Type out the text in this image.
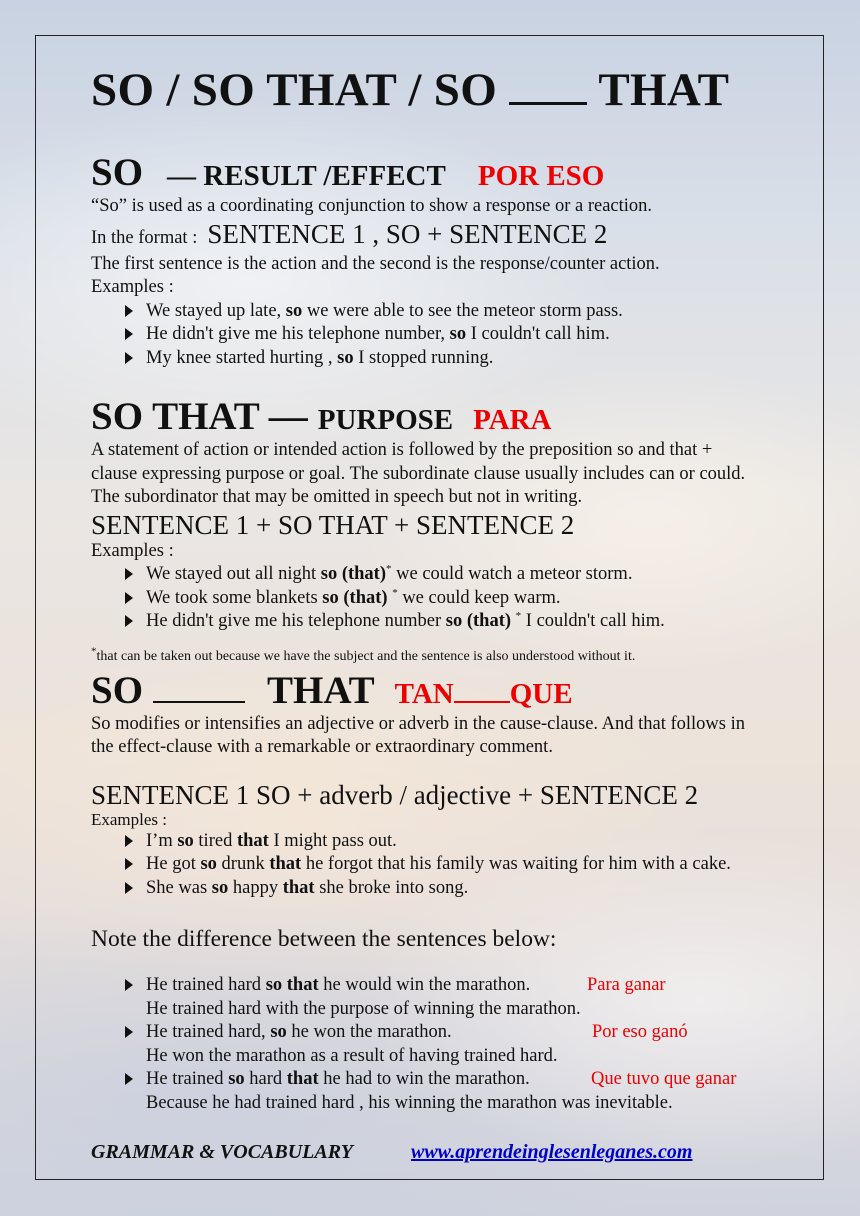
SO / SO THAT / SO  THAT
SO — RESULT /EFFECT POR ESO

“So” is used as a coordinating conjunction to show a response or a reaction.

In the format : SENTENCE 1 , SO + SENTENCE 2

The first sentence is the action and the second is the response/counter action.

Examples :

We stayed up late, so we were able to see the meteor storm pass.
He didn't give me his telephone number, so I couldn't call him.
My knee started hurting , so I stopped running.
SO THAT — PURPOSE PARA

A statement of action or intended action is followed by the preposition so and that +

clause expressing purpose or goal. The subordinate clause usually includes can or could.

The subordinator that may be omitted in speech but not in writing.

SENTENCE 1 + SO THAT + SENTENCE 2

Examples :

We stayed out all night so (that)* we could watch a meteor storm.
We took some blankets so (that) * we could keep warm.
He didn't give me his telephone number so (that) * I couldn't call him.

*that can be taken out because we have the subject and the sentence is also understood without it.

SO	THAT TAN QUE

So modifies or intensifies an adjective or adverb in the cause-clause. And that follows in

the effect-clause with a remarkable or extraordinary comment.

SENTENCE 1 SO + adverb / adjective + SENTENCE 2

Examples :

I’m so tired that I might pass out.
He got so drunk that he forgot that his family was waiting for him with a cake.
She was so happy that she broke into song.

Note the difference between the sentences below:

He trained hard so that he would win the marathon.	Para ganar
He trained hard with the purpose of winning the marathon.
He trained hard, so he won the marathon.	Por eso ganó
He won the marathon as a result of having trained hard.
He trained so hard that he had to win the marathon.	Que tuvo que ganar
Because he had trained hard , his winning the marathon was inevitable.
GRAMMAR & VOCABULARY	www.aprendeinglesenleganes.com
